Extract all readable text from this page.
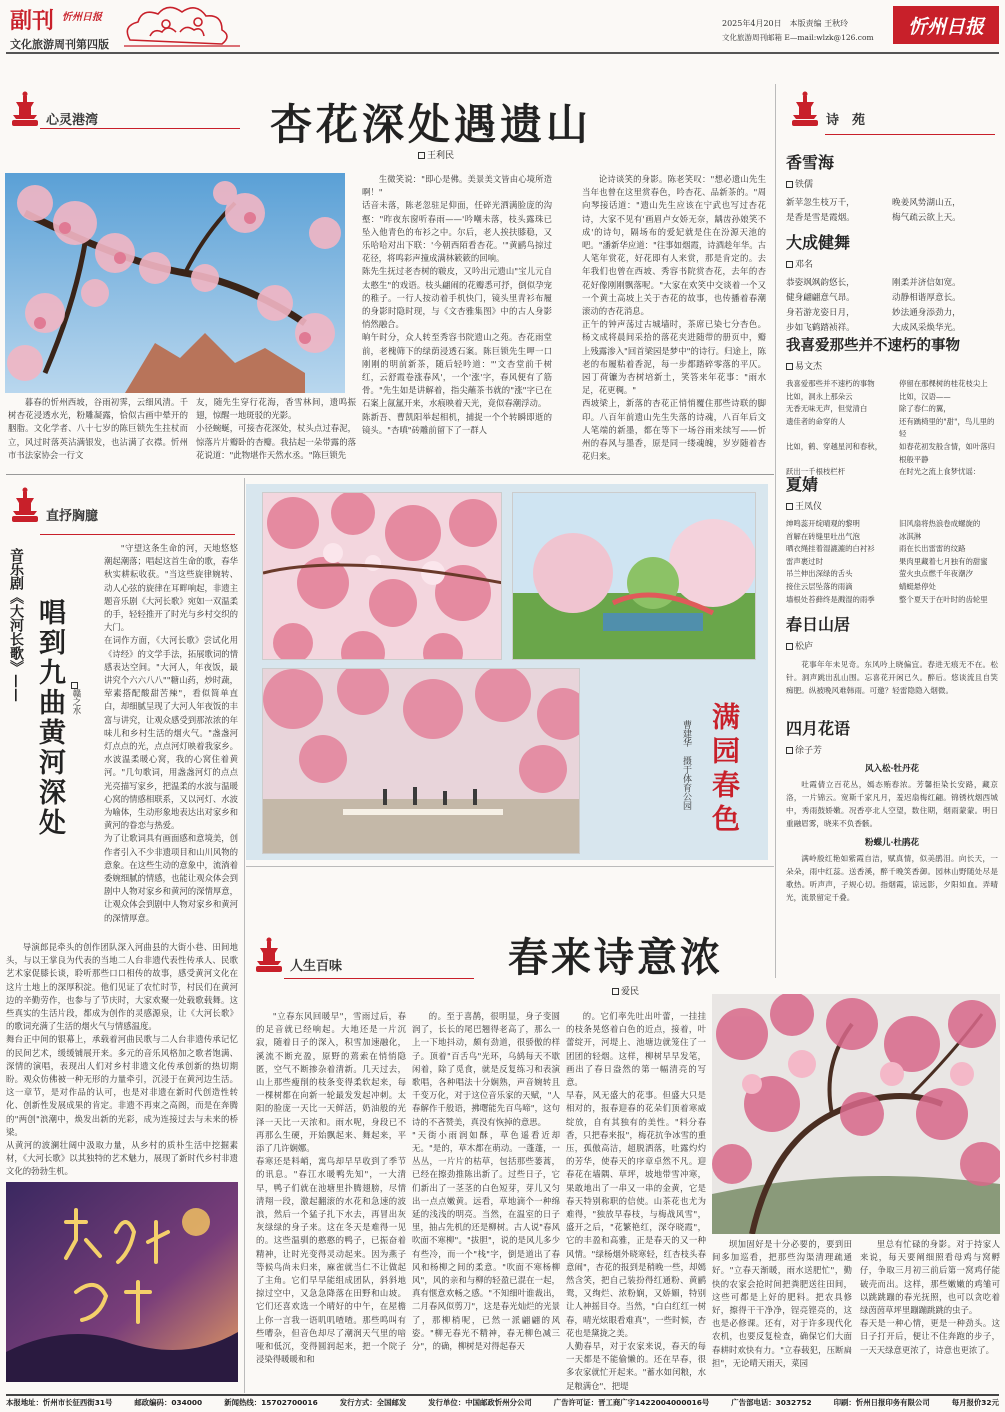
副刊 忻州日报
文化旅游周刊第四版
2025年4月20日　本版责编 王秋玲
文化旅游周刊邮箱 E—mail:wlzk@126.com	忻州日报
心灵港湾	杏花深处遇遗山
王利民

暮春的忻州西坡，谷雨初霁，云细风清。千树杏花浸透水光，粉雕凝露，恰似古画中晕开的胭脂。文化学者、八十七岁的陈巨锁先生拄杖而立，风过时落英沾满银发，也沾满了衣襟。忻州市书法家协会一行文

友，随先生穿行花海，香雪林间，遗鸣振翅，惊醒一地斑驳的光影。
小径蜿蜒，可接杏花深处，杖头点过春泥，惊落片片瓣卧的杏瓣。我拈起一朵带露的落花说道："此物堪作天然水丞。"陈巨锁先
生微笑说："即心是佛。美景美文皆由心境所造啊！"
话音未落，陈老忽驻足仰面，任碎光洒满脸庞的沟壑："昨夜东窗听春雨——'吟嘲未落，枝头露珠已坠入他青色的布衫之中。尔后，老人挨扶膝稳，又乐哈哈对出下联：'今朝西陌看杏花。'"黄鹂鸟掠过花径，将鸣彩声撞成满林簌簌的回响。
陈先生抚过老杏树的皲皮，又吟出元遗山"宝儿元自太憨生"的戏语。枝头翩闹的花瓣悉可抒，倒似孕宠的稚子。一行人按动着手机快门，镜头里青衫布履的身影时隐时现，与《文杏雅集图》中的古人身影悄然融合。
晌午时分，众人转至秀容书院遗山之苑。杏花雨堂前，老槐筛下的绿荫浸透石案。陈巨锁先生呷一口刚刚的明前新茶，随后轻吟道："'文杏堂前千树红，云舒霞卷涨春风'，一个'涨'字，春风便有了筋骨。"先生如是讲解着，指尖蘸茶书就的"涨"字已在石案上氤氲开来，水痕映着天光，竟似春潮浮动。
陈新吾、曹凯阳举起相机，捕捉一个个转瞬即逝的镜头。"杏嗔"砖雕前留下了一群人
论诗谈笑的身影。陈老笑叹："想必遗山先生当年也曾在这里赏春色，吟杏花、品新茶的。"周向琴接话道："遗山先生应该在宁武也写过杏花诗，大家不见有'画眉卢女娇无奈，龋齿孙娘笑不成'的诗句，隔场布的爱妃就是住在汾源天池的吧。"潘新华应道："往事如烟霞，诗酒趁年华。古人笔年赏花，好花即有人来赏，那是肯定的。去年我们也曾在西坡、秀容书院赏杏花，去年的杏花好像刚刚飘落呢。"大家在欢笑中交谈着一个又一个黄土高坡上关于杏花的故事，也传播着春潮滚动的杏花消息。
正午的钟声荡过古城墙时，茶席已染七分杏色。杨文成将晨间采拾的落花夹进随带的册页中，瓣上残露渗入"回首梁园是梦中"的诗行。归途上，陈老的布履粘着香泥，每一步都踏碎零落的平仄。园丁荷镰为杏树培新土，笑答来年花事："雨水足，花更稠。"
西坡梁上，新落的杏花正悄悄覆住那些诗联的脚印。八百年前遗山先生失落的诗魂，八百年后文人笔端的新墨，都在等下一场谷雨来续写——忻州的春风与墨香，原是同一缕魂魄，岁岁随着杏花归来。
诗　苑
香雪海
铁儒
新苹忽生枝万千，	晚姜风势湖山五，
是香是雪是霞烟。	梅气疏云欲上天。
大成健舞
邓名
恭姿飒飒韵悠长，	刚柔并济信如宽。
健身翩翩意气昂。	动静相谐厚意长。
身若游龙姿日月，	妙法通身添劲力，
步如飞鹤踏祯祥。	大成风采焕华光。
我喜爱那些并不速朽的事物
易文杰
我喜爱那些并不速朽的事物	停留在那棵树的桂花枝尖上
比如，洞永上那朵云	比如，汉语——
无香无味无声，但觉清白	除了春仁的翼，
遗佳者的命穿的人	还有踽椅里的"甜"，鸟儿里的轻
比如，鹤、穿越星河和春秋，	如春花初发般含情，如叶落归根般平静
跃出一千根枝栏杆	在时光之流上食梦忧谣：
夏婧
王凤仪
绅鸣蕊开绽晴观的黎明	旧风扇将热浪卷成螺旋的
首解在砖缝里吐出气泡	冰淇淋
晒衣绳挂着湿漉漉的白衬衫	雨在长出雷雷的纹路
雷声裹过时	果肉里藏着七月独有的甜蜜
吊兰伸出深绿的舌头	萤火虫点燃千年夜潮汐
接住云层坠落的雨滴	蜻蜓悬停处
墙根处苔藓终是溅湿的雨季	整个夏天于在叶时的齿轮里
春日山居
松庐
花事年年未见奇。东风吟上晓偏宜。春进无痕无不在。松针。洞声跳出乱山围。忘喜花开闲已久。醉后。悠谈流且自笑痴肥。纵被晚风难韩雨。可邀？轻雷隐隐入烟微。
四月花语
徐子芳
风入松·牡丹花
吐霞倩立百花丛，嫣态贿春浓。芳馨拒染长安路，藏京洛，一片锦云。宽斯千家凡月，羞迟扇梅红翩。锦锈枕烟西城中，秀雨鼓娇嫩。况香亭北人空望，数住期，烟雨蒙蒙。明日重融眉雾，晓来不负香骸。
粉蝶儿·杜鹃花
满岭殷红艳如紫霞自洁，赋真情，似美鹃泪。向长天，一朵朵，雨中红蕊。送香溪，醉千晚笑香御。园林山野随处尽是歌热。听声声，子规心切。指烟霞，谅远影，夕阳如血。弄晴光，流景留定千叠。
直抒胸臆
音乐剧《大河长歌》—— 唱到九曲黄河深处 赣之水
"守望这条生命的河，天地悠悠潮起潮落；唱起这首生命的歌，春华秋实耕耘收获。"当这些旋律婉转、动人心弦的旋律在耳畔响起，非遗主题音乐剧《大河长歌》宛如一双温柔的手，轻轻推开了时光与乡村交织的大门。
在词作方面，《大河长歌》尝试化用《诗经》的文学手法，拓展歌词的情感表达空间。"大河人，年夜饭，最讲究个六六八八""糖山药，炒时蔬，荤素搭配酸甜苦辣"，看似简单直白，却细腻呈现了大河人年夜饭的丰富与讲究，让观众感受到那浓浓的年味儿和乡村生活的烟火气。"盏盏河灯点点的光，点点河灯映着我家乡。水波温柔暖心窝，我的心窝住着黄河。"几句歌词，用盏盏河灯的点点光亮描写家乡，把温柔的水波与温暖心窝的情感相联系，又以河灯、水波为喻体，生动形象地表达出对家乡和黄河的眷恋与热爱。
为了让歌词具有画面感和意境美，创作者引入不少非遗项目和山川风物的意象。在这些生动的意象中，流淌着委婉细腻的情感，也能让观众体会到剧中人物对家乡和黄河的深情厚意，让观众体会到剧中人物对家乡和黄河的深情厚意。
导演郎昆牵头的创作团队深入河曲县的大街小巷、田间地头，与以王掌良为代表的当地二人台非遗代表性传承人、民歌艺术家促膝长谈，聆听那些口口相传的故事，感受黄河文化在这片土地上的深厚积淀。他们见证了农忙时节，村民们在黄河边的辛勤劳作，也参与了节庆时，大家欢聚一处载歌载舞。这些真实的生活片段，都成为创作的灵感源泉，让《大河长歌》的歌词充满了生活的烟火气与情感温度。
舞台正中间的银幕上，承载着河曲民歌与二人台非遗传承记忆的民间艺术，缓缓铺展开来。多元的音乐风格加之歌者饱满、深情的演唱，表现出人们对乡村非遗文化传承创新的热切期盼。观众仿佛被一种无形的力量牵引，沉浸于在黄河边生活。这一章节，是对作品的认可，也是对非遗在新时代创造性转化、创新性发展成果的肯定。非遗不再束之高阁，而是在奔腾的"两创"浪潮中，焕发出新的光彩，成为连接过去与未来的桥梁。
从黄河的波澜壮阔中汲取力量，从乡村的质朴生活中挖掘素材，《大河长歌》以其独特的艺术魅力，展现了新时代乡村非遗文化的勃勃生机。
满园春色
曹建华　摄于体育公园
人生百味	春来诗意浓
爱民
"立春东风回暖早"，雪雨过后，春的足音就已经响起。大地还是一片沉寂，随着日子的深入，积雪加速融化，溪流不断充盈，原野的蔫索在悄悄隐匿，空气不断掺杂着清新。几天过去，山上那些瘦削的枝条变得柔软起来，每一棵树都在向新一轮最发发起冲刺。太阳的脸庞一天比一天鲜活，奶油般的光泽一天比一天浓和。雨水呢，身段已不再那么生硬，开始飘起来、舞起来，平添了几许娴娜。
春寒还是料峭，寓鸟却早早收到了季节的讯息。"春江水暖鸭先知"，一大清早，鸭子们就在池塘里扑腾翅膀，尽情清翔一段，激起翻滚的水花和急速的波浪，然后一个猛子扎下水去，再冒出灰灰绿绿的身子来。这在冬天是难得一见的。这些温驯的憨憨的鸭子，已振奋着精神，让时光变得灵动起来。因为燕子等候鸟尚未归来，麻雀就当仁不让做起了主角。它们早早能组成团队，斜斜地掠过空中，又急急降落在田野和山坡。它们还喜欢选一个晴好的中午，在屋檐上你一言我一语叽叽喳喳。那些鸣叫有些嘈杂，但音色却尽了潮润天气里的喑哑和低沉，变得圆润起来，把一个院子浸染得暖暖和和
的。至于喜鹊，很明显，身子变圆润了，长长的尾巴翘得老高了，那么一上一下地抖动，颇有劲道，很骄傲的样子。顶着"百舌鸟"光环，乌鸫每天不歇闲着，除了觅食，就是反复练习和表演歌唱，各种唱法十分娴熟，声音婉转且千变万化，对于这位音乐家的天赋，"人春解作千般语，拂曙能先百鸟啼"，这句诗的不吝赞美，真没有恢掉的意思。
"天街小雨润如酥，草色遥看近却无。"是的，草木都在萌动。一蓬蓬，一丛丛，一片片的枯草，包括那些蒌蒿，已经在擦劲推陈出新了。过些日子，它们新出了一茎茎的白色短芽，芽儿又匀出一点点嫩黄。远看，草地滴个一种绵延的浅浅的明亮。当然，在温室的日子里，抽占先机的还是柳树。古人说"春风吹面不寒柳"。"拔胆"，说的是风儿多少有些冷，而一个"栈"字，倒是道出了春风和杨柳之间的柔意。"吹面不寒杨柳风"，风的亲和与柳的轻盈已混在一起，真有惬意欢畅之感。"不知细叶谁裁出，二月春风似剪刀"，这是春光灿烂的光景了，那柳梢呢，已然一派翩翩的风姿。"柳无春光不精神，春无柳色减三分"，的确，柳树是对得起春天
的。它们率先吐出叶蕾，一挂挂的枝条晃悠着白色的近点，接着，叶蕾绽开，河堤上、池塘边就笼住了一团团的轻烟。这样，柳树早早发笔，画出了春日盎然的第一幅清亮的写意。
早春，风无盛大的花事。但盛大只是相对的，报春迎春的花朵们顶着寒威绽放，自有其独有的美性。"料分春香，只把春来报"，梅花抗争冰雪的重压，孤傲高洁，超脱洒落，吐露灼灼的芳华，使春天的序章卓然不凡。迎春花在墙隅、草坪，坡地带雪冲寒，果敢地出了一串又一串的金黄，它是春天特别称职的信使。山茶花也尤为难得，"独放早春枝，与梅战风雪"，盛开之后，"花繁艳红，深夺晓霞"，它的丰盈和高雅，正是春天的又一种风情。"绿杨烟外晓寒轻，红杏枝头春意闹"，杏花的报到是稍晚一些，却嫣然含笑，把自己装扮得红通粉、黄鹂鸳，又绚烂、浓粉娴，又娇媚，特别让人神摇目夺。当然，"白白红红一树春，晴光炫眼看难真"，一些时候，杏花也是黛拢之美。
人勤春早，对于农家来说，春天的每一天都是不能偷懒的。还在早春，很多农家就忙开起来。"蓄水如闰粮，水足粮满仓"，把堤
坝加固好是十分必要的，要到田间多加巡看，把那些沟渠清理疏通好。"立春天渐暖，雨水送肥忙"，勤快的农家会抢时间把粪肥送往田间，这些可都是上好的肥料。把农具修好，擦得干干净净，锃亮铿亮的，这也是必修课。还有，对于许多现代化农机，也要反复检查，确保它们大面春耕时欢快有力。"立春载犯，压断扁担"，无论晴天雨天，菜园
里总有忙碌的身影。对于持家人来说，每天要阐细照看母鸡与窝孵仔，争取三月初三前后第一窝鸡仔能破壳而出。这样，那些嫩嫩的鸡雏可以跳跳蹦的春光抚照，也可以贪吃着绿茵茵草坪里蹦蹦跳跳的虫子。
春天是一种心情，更是一种劲头。这日子打开后，便让不住奔跑的步子，一天天绿意更浓了，诗意也更浓了。
本报地址：忻州市长征西街31号	邮政编码：034000	新闻热线：15702700016	发行方式：全国邮发	发行单位：中国邮政忻州分公司	广告许可证：晋工商广字1422004000016号	广告部电话：3032752	印刷：忻州日报印务有限公司	每月报价32元
